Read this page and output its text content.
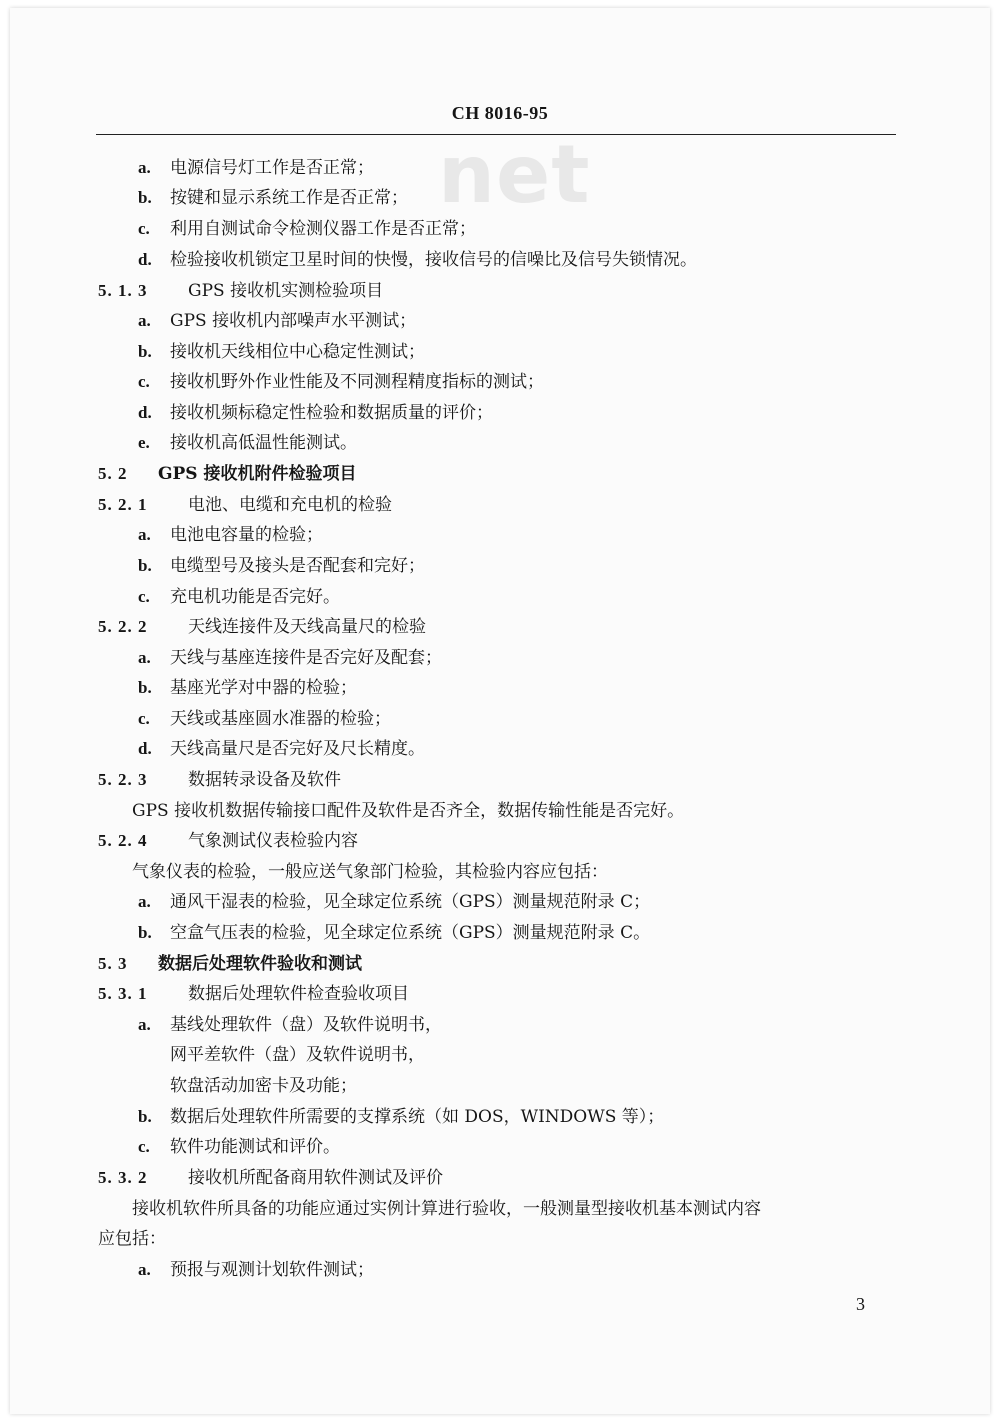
CH 8016-95
net
a. 电源信号灯工作是否正常；
b. 按键和显示系统工作是否正常；
c. 利用自测试命令检测仪器工作是否正常；
d. 检验接收机锁定卫星时间的快慢，接收信号的信噪比及信号失锁情况。
5. 1. 3 GPS 接收机实测检验项目
a. GPS 接收机内部噪声水平测试；
b. 接收机天线相位中心稳定性测试；
c. 接收机野外作业性能及不同测程精度指标的测试；
d. 接收机频标稳定性检验和数据质量的评价；
e. 接收机高低温性能测试。
5. 2 GPS 接收机附件检验项目
5. 2. 1 电池、电缆和充电机的检验
a. 电池电容量的检验；
b. 电缆型号及接头是否配套和完好；
c. 充电机功能是否完好。
5. 2. 2 天线连接件及天线高量尺的检验
a. 天线与基座连接件是否完好及配套；
b. 基座光学对中器的检验；
c. 天线或基座圆水准器的检验；
d. 天线高量尺是否完好及尺长精度。
5. 2. 3 数据转录设备及软件
GPS 接收机数据传输接口配件及软件是否齐全，数据传输性能是否完好。
5. 2. 4 气象测试仪表检验内容
气象仪表的检验，一般应送气象部门检验，其检验内容应包括：
a. 通风干湿表的检验，见全球定位系统（GPS）测量规范附录 C；
b. 空盒气压表的检验，见全球定位系统（GPS）测量规范附录 C。
5. 3 数据后处理软件验收和测试
5. 3. 1 数据后处理软件检查验收项目
a. 基线处理软件（盘）及软件说明书，
网平差软件（盘）及软件说明书，
软盘活动加密卡及功能；
b. 数据后处理软件所需要的支撑系统（如 DOS，WINDOWS 等）；
c. 软件功能测试和评价。
5. 3. 2 接收机所配备商用软件测试及评价
接收机软件所具备的功能应通过实例计算进行验收，一般测量型接收机基本测试内容
应包括：
a. 预报与观测计划软件测试；
3
